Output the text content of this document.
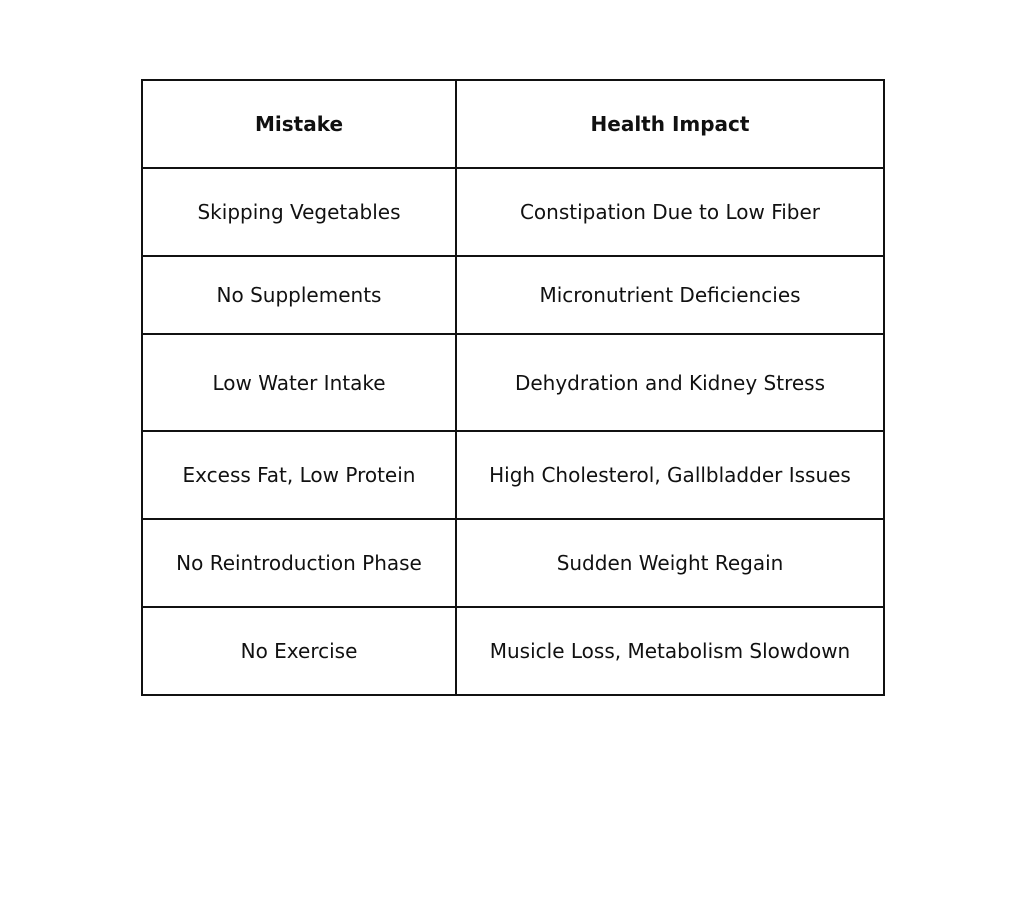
Mistake	Health Impact
Skipping Vegetables	Constipation Due to Low Fiber
No Supplements	Micronutrient Deficiencies
Low Water Intake	Dehydration and Kidney Stress
Excess Fat, Low Protein	High Cholesterol, Gallbladder Issues
No Reintroduction Phase	Sudden Weight Regain
No Exercise	Musicle Loss, Metabolism Slowdown
